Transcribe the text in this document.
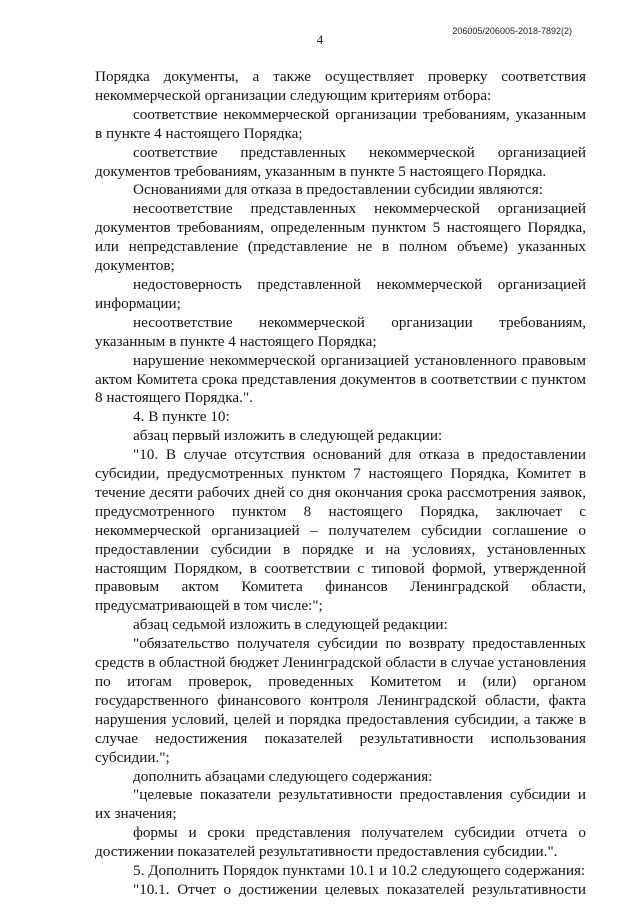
206005/206005-2018-7892(2)
4

Порядка документы, а также осуществляет проверку соответствия некоммерческой организации следующим критериям отбора:

соответствие некоммерческой организации требованиям, указанным в пункте 4 настоящего Порядка;

соответствие представленных некоммерческой организацией документов требованиям, указанным в пункте 5 настоящего Порядка.

Основаниями для отказа в предоставлении субсидии являются:

несоответствие представленных некоммерческой организацией документов требованиям, определенным пунктом 5 настоящего Порядка, или непредставление (представление не в полном объеме) указанных документов;

недостоверность представленной некоммерческой организацией информации;

несоответствие некоммерческой организации требованиям, указанным в пункте 4 настоящего Порядка;

нарушение некоммерческой организацией установленного правовым актом Комитета срока представления документов в соответствии с пунктом 8 настоящего Порядка.".

4. В пункте 10:

абзац первый изложить в следующей редакции:

"10. В случае отсутствия оснований для отказа в предоставлении субсидии, предусмотренных пунктом 7 настоящего Порядка, Комитет в течение десяти рабочих дней со дня окончания срока рассмотрения заявок, предусмотренного пунктом 8 настоящего Порядка, заключает с некоммерческой организацией – получателем субсидии соглашение о предоставлении субсидии в порядке и на условиях, установленных настоящим Порядком, в соответствии с типовой формой, утвержденной правовым актом Комитета финансов Ленинградской области, предусматривающей в том числе:";

абзац седьмой изложить в следующей редакции:

"обязательство получателя субсидии по возврату предоставленных средств в областной бюджет Ленинградской области в случае установления по итогам проверок, проведенных Комитетом и (или) органом государственного финансового контроля Ленинградской области, факта нарушения условий, целей и порядка предоставления субсидии, а также в случае недостижения показателей результативности использования субсидии.";

дополнить абзацами следующего содержания:

"целевые показатели результативности предоставления субсидии и их значения;

формы и сроки представления получателем субсидии отчета о достижении показателей результативности предоставления субсидии.".

5. Дополнить Порядок пунктами 10.1 и 10.2 следующего содержания:

"10.1. Отчет о достижении целевых показателей результативности
